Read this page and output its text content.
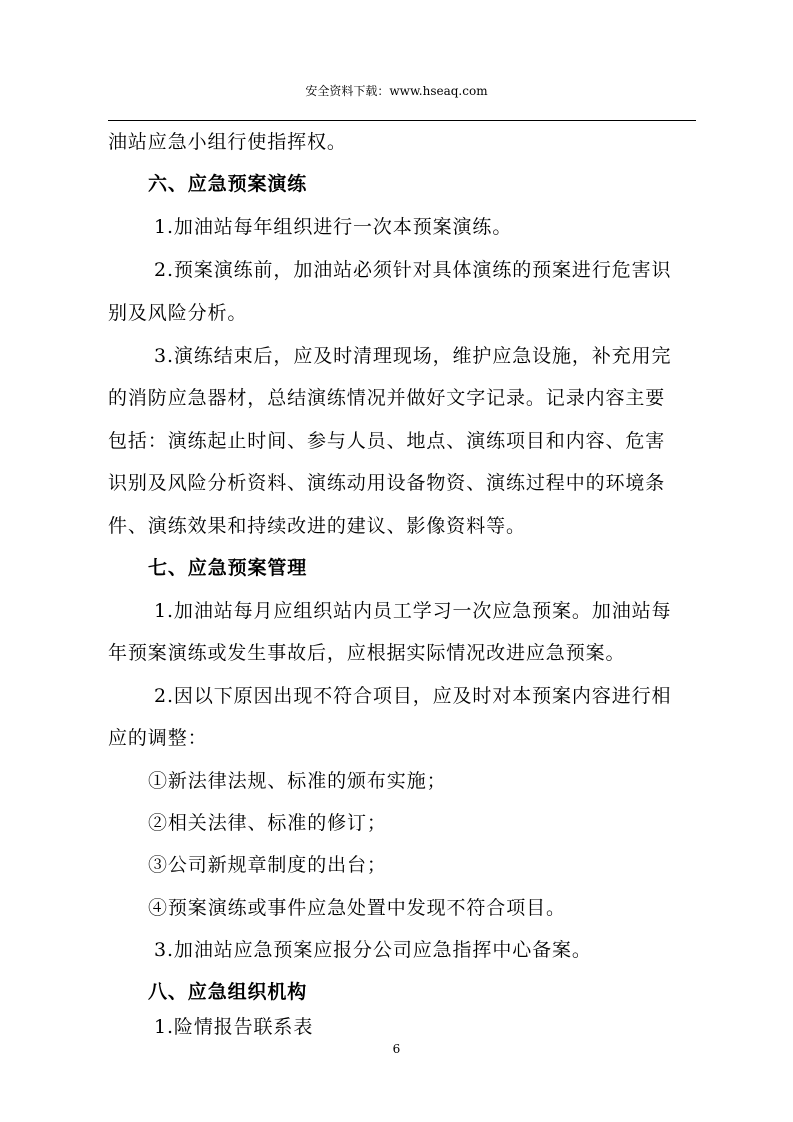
安全资料下载：www.hseaq.com
油站应急小组行使指挥权。
六、应急预案演练
1.加油站每年组织进行一次本预案演练。
2.预案演练前，加油站必须针对具体演练的预案进行危害识
别及风险分析。
3.演练结束后，应及时清理现场，维护应急设施，补充用完
的消防应急器材，总结演练情况并做好文字记录。记录内容主要
包括：演练起止时间、参与人员、地点、演练项目和内容、危害
识别及风险分析资料、演练动用设备物资、演练过程中的环境条
件、演练效果和持续改进的建议、影像资料等。
七、应急预案管理
1.加油站每月应组织站内员工学习一次应急预案。加油站每
年预案演练或发生事故后，应根据实际情况改进应急预案。
2.因以下原因出现不符合项目，应及时对本预案内容进行相
应的调整：
①新法律法规、标准的颁布实施；
②相关法律、标准的修订；
③公司新规章制度的出台；
④预案演练或事件应急处置中发现不符合项目。
3.加油站应急预案应报分公司应急指挥中心备案。
八、应急组织机构
1.险情报告联系表
6
